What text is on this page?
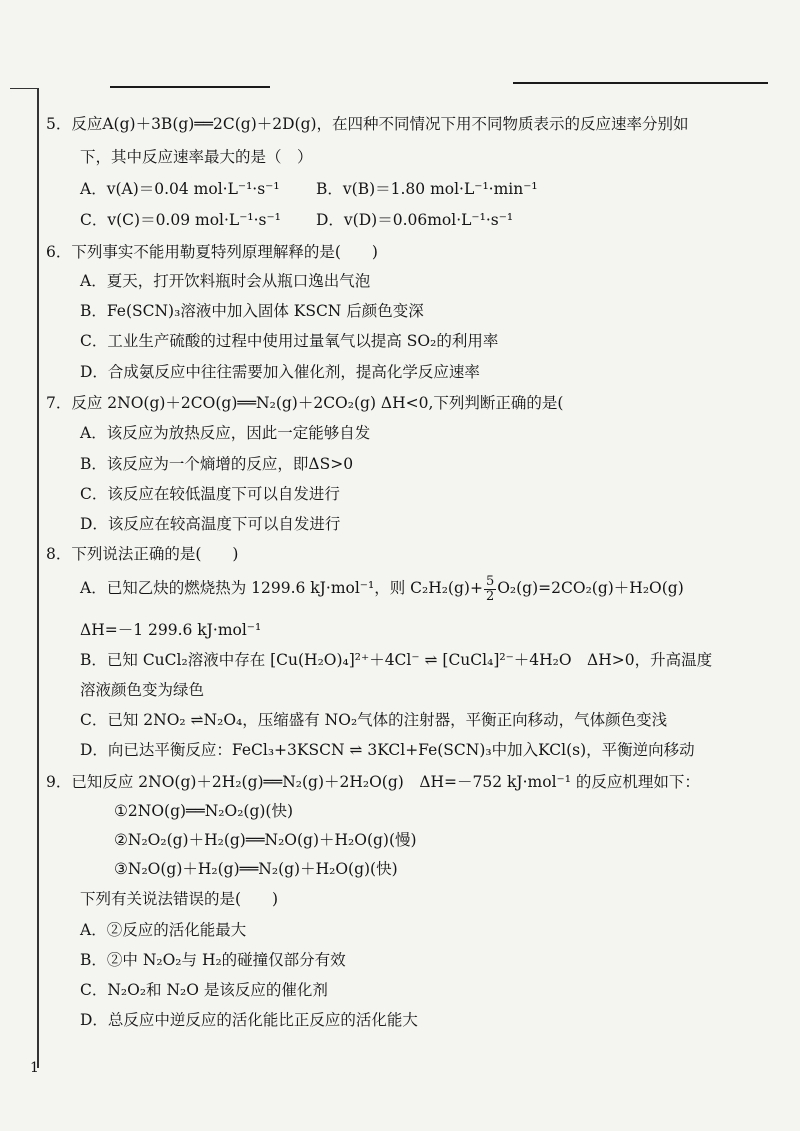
5．反应A(g)＋3B(g)══2C(g)＋2D(g)，在四种不同情况下用不同物质表示的反应速率分别如
下，其中反应速率最大的是（　）
A．v(A)＝0.04 mol·L⁻¹·s⁻¹ B．v(B)＝1.80 mol·L⁻¹·min⁻¹
C．v(C)＝0.09 mol·L⁻¹·s⁻¹ D．v(D)＝0.06mol·L⁻¹·s⁻¹
6．下列事实不能用勒夏特列原理解释的是(　　)
A．夏天，打开饮料瓶时会从瓶口逸出气泡
B．Fe(SCN)₃溶液中加入固体 KSCN 后颜色变深
C．工业生产硫酸的过程中使用过量氧气以提高 SO₂的利用率
D．合成氨反应中往往需要加入催化剂，提高化学反应速率
7．反应 2NO(g)＋2CO(g)══N₂(g)＋2CO₂(g) ΔH<0,下列判断正确的是(
A．该反应为放热反应，因此一定能够自发
B．该反应为一个熵增的反应，即ΔS>0
C．该反应在较低温度下可以自发进行
D．该反应在较高温度下可以自发进行
8．下列说法正确的是(　　)
A．已知乙炔的燃烧热为 1299.6 kJ·mol⁻¹，则 $C_2H_2(g)+ \frac{5}{2} O_2(g)=2CO_2(g)+H_2O(g)$
ΔH=－1 299.6 kJ·mol⁻¹
B．已知 CuCl₂溶液中存在 [Cu(H₂O)₄]²⁺＋4Cl⁻ ⇌ [CuCl₄]²⁻＋4H₂O　ΔH>0，升高温度
溶液颜色变为绿色
C．已知 2NO₂ ⇌N₂O₄，压缩盛有 NO₂气体的注射器，平衡正向移动，气体颜色变浅
D．向已达平衡反应：FeCl₃+3KSCN ⇌ 3KCl+Fe(SCN)₃中加入KCl(s)，平衡逆向移动
9．已知反应 2NO(g)＋2H₂(g)══N₂(g)＋2H₂O(g)　ΔH=－752 kJ·mol⁻¹ 的反应机理如下：
①2NO(g)══N₂O₂(g)(快)
②N₂O₂(g)＋H₂(g)══N₂O(g)＋H₂O(g)(慢)
③N₂O(g)＋H₂(g)══N₂(g)＋H₂O(g)(快)
下列有关说法错误的是(　　)
A．②反应的活化能最大
B．②中 N₂O₂与 H₂的碰撞仅部分有效
C．N₂O₂和 N₂O 是该反应的催化剂
D．总反应中逆反应的活化能比正反应的活化能大
1
